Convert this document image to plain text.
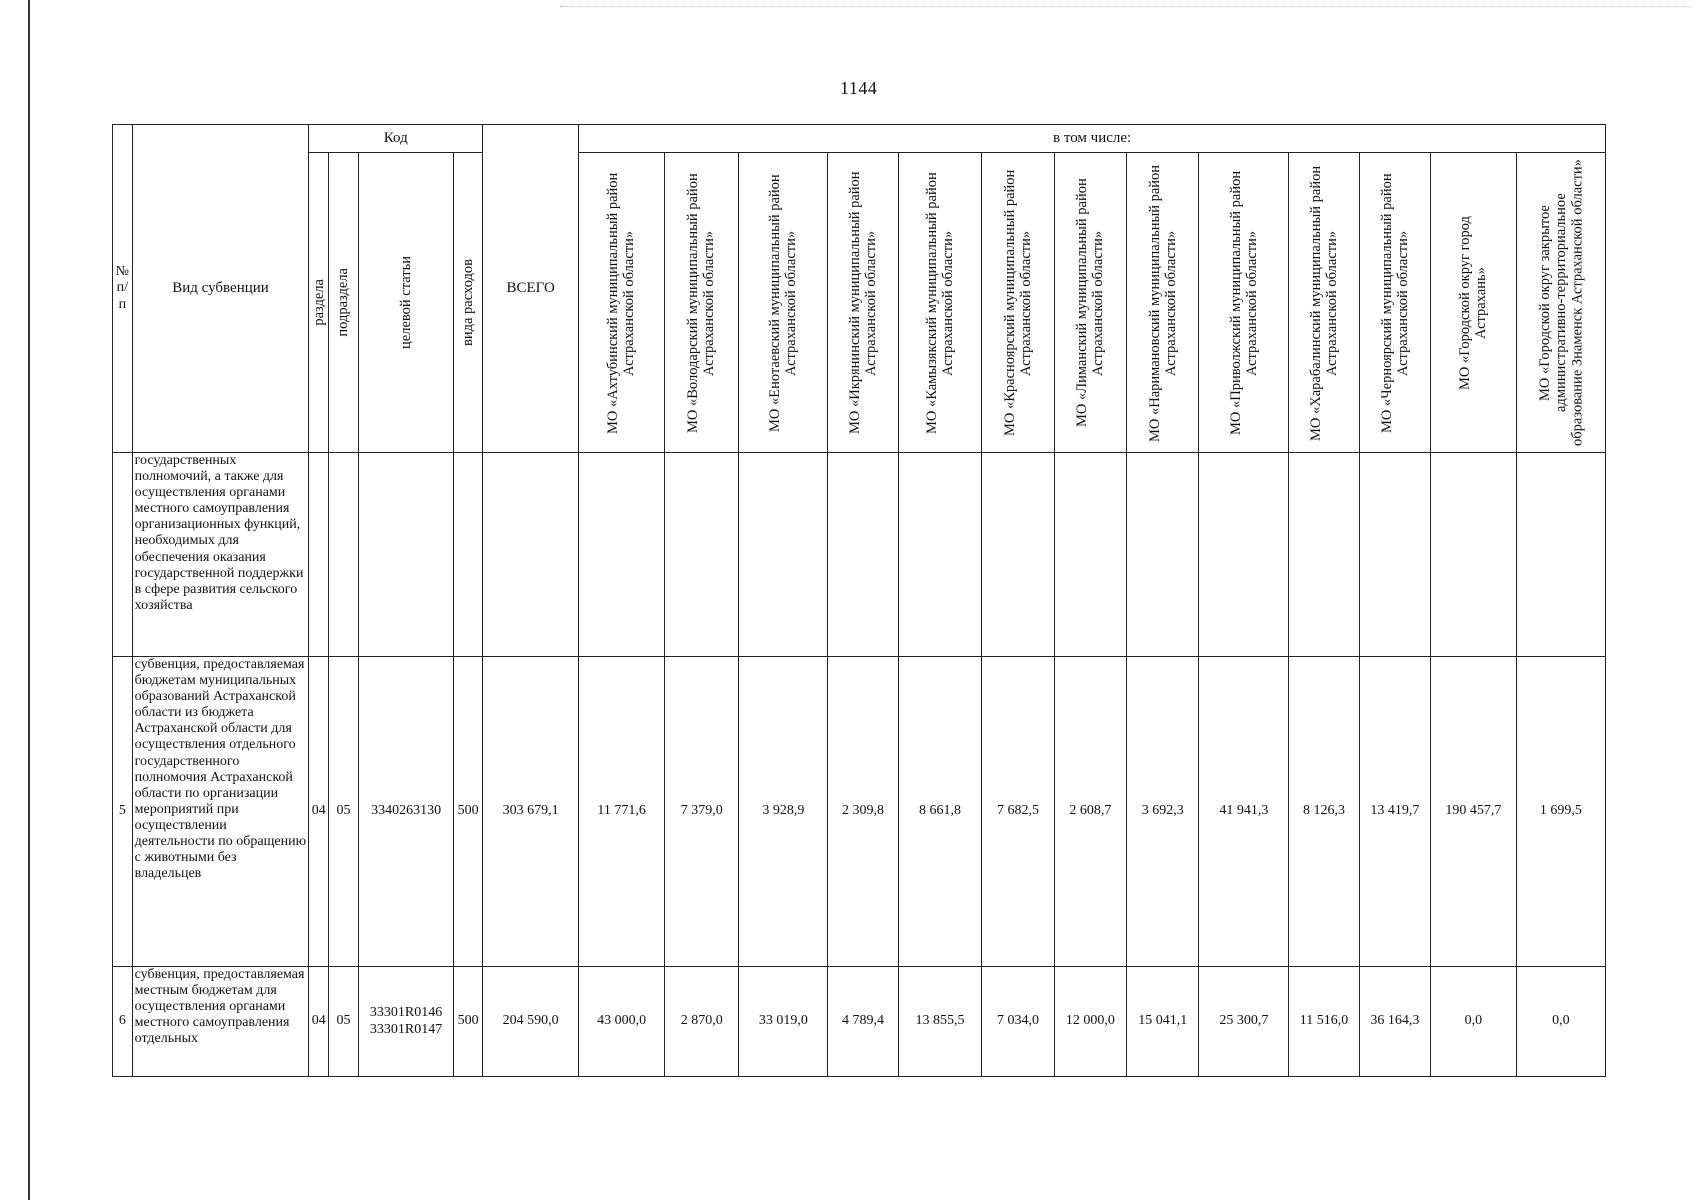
1144
№ п/п	Вид субвенции	Код				ВСЕГО	в том числе:												

		раздела	подраздела	целевой статьи	вида расходов		МО «Ахтубинский муниципальный район Астраханской области»	МО «Володарский муниципальный район Астраханской области»	МО «Енотаевский муниципальный район Астраханской области»	МО «Икрянинский муниципальный район Астраханской области»	МО «Камызякский муниципальный район Астраханской области»	МО «Красноярский муниципальный район Астраханской области»	МО «Лиманский муниципальный район Астраханской области»	МО «Наримановский муниципальный район Астраханской области»	МО «Приволжский муниципальный район Астраханской области»	МО «Харабалинский муниципальный район Астраханской области»	МО «Черноярский муниципальный район Астраханской области»	МО «Городской округ город Астрахань»	МО «Городской округ закрытое административно-территориальное образование Знаменск Астраханской области»

	государственных полномочий, а также для осуществления органами местного самоуправления организационных функций, необходимых для обеспечения оказания государственной поддержки в сфере развития сельского хозяйства																		
5	субвенция, предоставляемая бюджетам муниципальных образований Астраханской области из бюджета Астраханской области для осуществления отдельного государственного полномочия Астраханской области по организации мероприятий при осуществлении деятельности по обращению с животными без владельцев	04	05	3340263130	500	303 679,1	11 771,6	7 379,0	3 928,9	2 309,8	8 661,8	7 682,5	2 608,7	3 692,3	41 941,3	8 126,3	13 419,7	190 457,7	1 699,5
6	субвенция, предоставляемая местным бюджетам для осуществления органами местного самоуправления отдельных	04	05	33301R0146 33301R0147	500	204 590,0	43 000,0	2 870,0	33 019,0	4 789,4	13 855,5	7 034,0	12 000,0	15 041,1	25 300,7	11 516,0	36 164,3	0,0	0,0
